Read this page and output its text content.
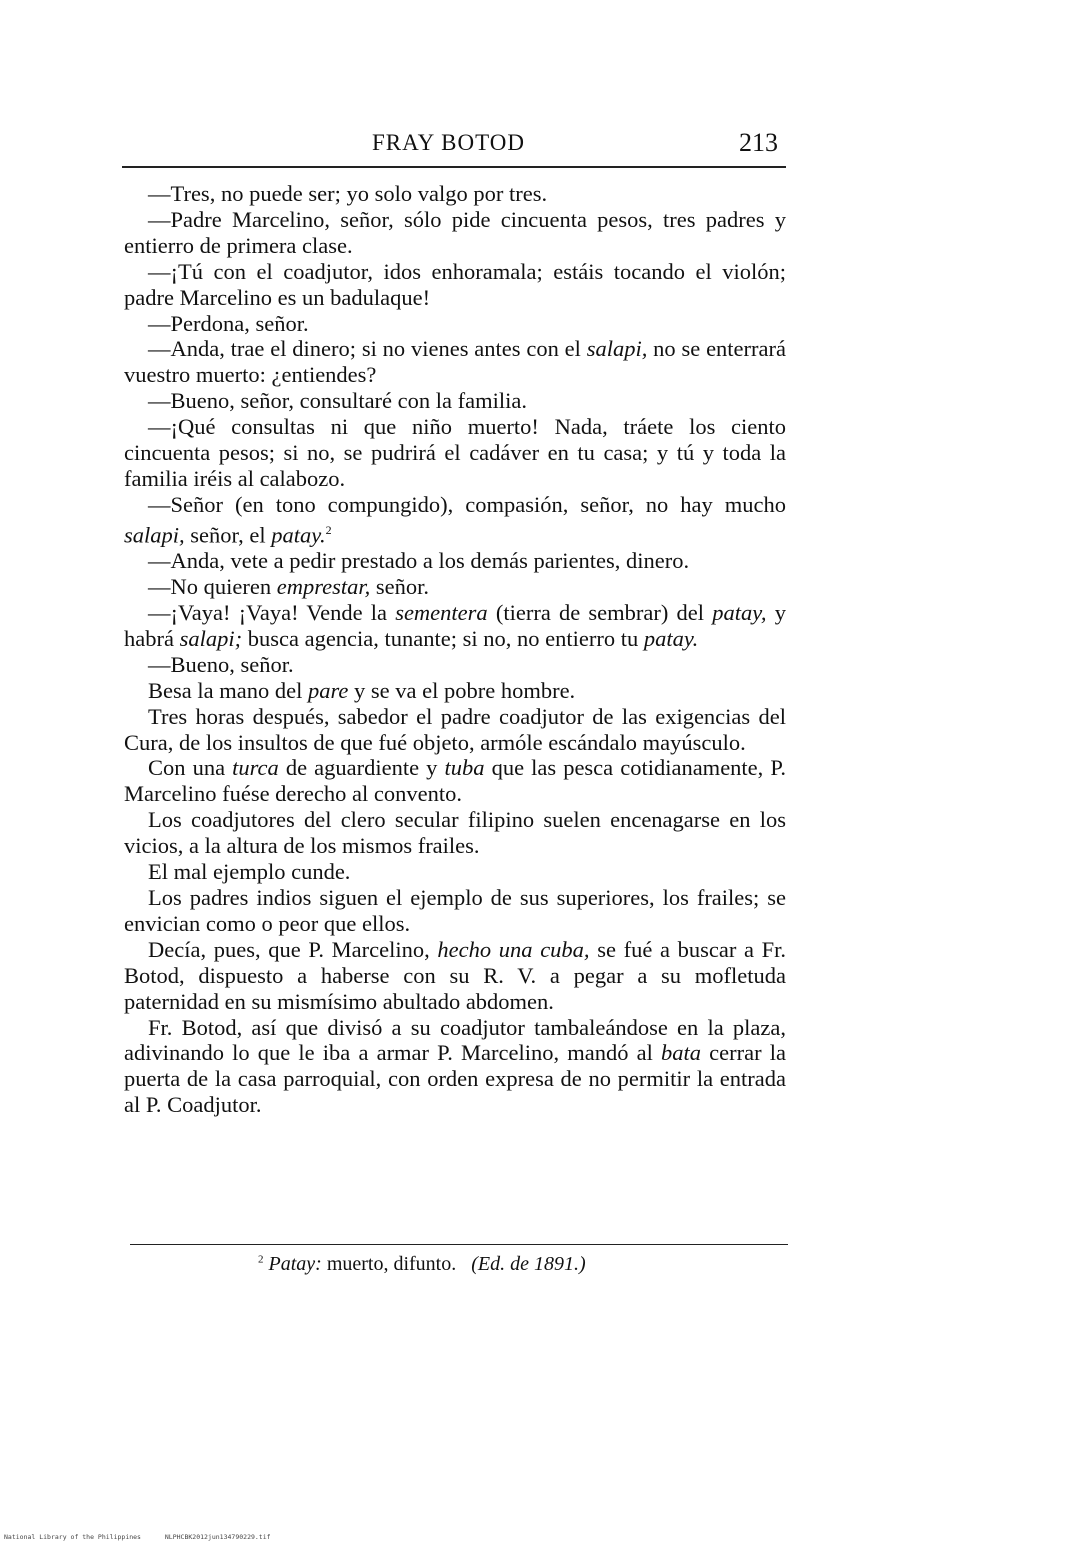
FRAY BOTOD	213

—Tres, no puede ser; yo solo valgo por tres.

—Padre Marcelino, señor, sólo pide cincuenta pesos, tres padres y entierro de primera clase.

—¡Tú con el coadjutor, idos enhoramala; estáis tocando el violón; padre Marcelino es un badulaque!

—Perdona, señor.

—Anda, trae el dinero; si no vienes antes con el salapi, no se enterrará vuestro muerto: ¿entiendes?

—Bueno, señor, consultaré con la familia.

—¡Qué consultas ni que niño muerto! Nada, tráete los ciento cincuenta pesos; si no, se pudrirá el cadáver en tu casa; y tú y toda la familia iréis al calabozo.

—Señor (en tono compungido), compasión, señor, no hay mucho salapi, señor, el patay.$^2$

—Anda, vete a pedir prestado a los demás parientes, dinero.

—No quieren emprestar, señor.

—¡Vaya! ¡Vaya! Vende la sementera (tierra de sembrar) del patay, y habrá salapi; busca agencia, tunante; si no, no entierro tu patay.

—Bueno, señor.

Besa la mano del pare y se va el pobre hombre.

Tres horas después, sabedor el padre coadjutor de las exigencias del Cura, de los insultos de que fué objeto, armóle escándalo mayúsculo.

Con una turca de aguardiente y tuba que las pesca cotidianamente, P. Marcelino fuése derecho al convento.

Los coadjutores del clero secular filipino suelen encenagarse en los vicios, a la altura de los mismos frailes.

El mal ejemplo cunde.

Los padres indios siguen el ejemplo de sus superiores, los frailes; se envician como o peor que ellos.

Decía, pues, que P. Marcelino, hecho una cuba, se fué a buscar a Fr. Botod, dispuesto a haberse con su R. V. a pegar a su mofletuda paternidad en su mismísimo abultado abdomen.

Fr. Botod, así que divisó a su coadjutor tambaleándose en la plaza, adivinando lo que le iba a armar P. Marcelino, mandó al bata cerrar la puerta de la casa parroquial, con orden expresa de no permitir la entrada al P. Coadjutor.

$^2$ Patay: muerto, difunto.   (Ed. de 1891.)
National Library of the Philippines	NLPHCBK2012jun134790229.tif
